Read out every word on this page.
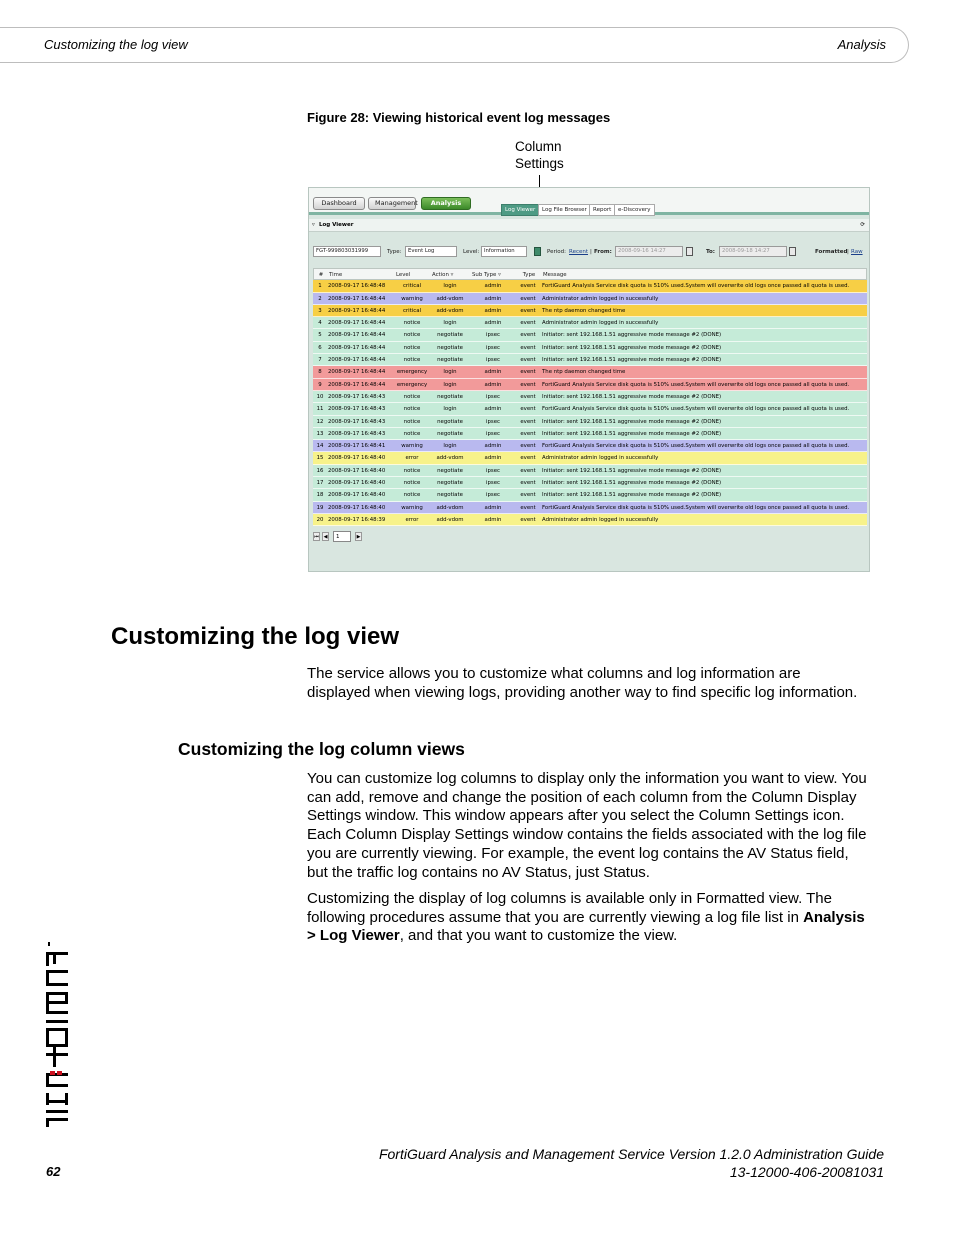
Customizing the log view	Analysis
Figure 28: Viewing historical event log messages
Column
Settings
Dashboard	Management	Analysis
Log Viewer	Log File Browser	Report	e-Discovery
▿ Log Viewer	⟳
FGT-999803031999	Type:	Event Log	Level: Information	Period: Recent | From:	2008-09-16 14:27	To:	2008-09-18 14:27	Formatted | Raw
#	Time	Level	Action ▿	Sub Type ▿	Type	Message
1	2008-09-17 16:48:48	critical	login	admin	event	FortiGuard Analysis Service disk quota is 510% used.System will overwrite old logs once passed all quota is used.
2	2008-09-17 16:48:44	warning	add-vdom	admin	event	Administrator admin logged in successfully
3	2008-09-17 16:48:44	critical	add-vdom	admin	event	The ntp daemon changed time
4	2008-09-17 16:48:44	notice	login	admin	event	Administrator admin logged in successfully
5	2008-09-17 16:48:44	notice	negotiate	ipsec	event	Initiator: sent 192.168.1.51 aggressive mode message #2 (DONE)
6	2008-09-17 16:48:44	notice	negotiate	ipsec	event	Initiator: sent 192.168.1.51 aggressive mode message #2 (DONE)
7	2008-09-17 16:48:44	notice	negotiate	ipsec	event	Initiator: sent 192.168.1.51 aggressive mode message #2 (DONE)
8	2008-09-17 16:48:44	emergency	login	admin	event	The ntp daemon changed time
9	2008-09-17 16:48:44	emergency	login	admin	event	FortiGuard Analysis Service disk quota is 510% used.System will overwrite old logs once passed all quota is used.
10 2008-09-17 16:48:43	notice	negotiate	ipsec	event	Initiator: sent 192.168.1.51 aggressive mode message #2 (DONE)
11 2008-09-17 16:48:43	notice	login	admin	event	FortiGuard Analysis Service disk quota is 510% used.System will overwrite old logs once passed all quota is used.
12 2008-09-17 16:48:43	notice	negotiate	ipsec	event	Initiator: sent 192.168.1.51 aggressive mode message #2 (DONE)
13 2008-09-17 16:48:43	notice	negotiate	ipsec	event	Initiator: sent 192.168.1.51 aggressive mode message #2 (DONE)
14 2008-09-17 16:48:41	warning	login	admin	event	FortiGuard Analysis Service disk quota is 510% used.System will overwrite old logs once passed all quota is used.
15 2008-09-17 16:48:40	error	add-vdom	admin	event	Administrator admin logged in successfully
16 2008-09-17 16:48:40	notice	negotiate	ipsec	event	Initiator: sent 192.168.1.51 aggressive mode message #2 (DONE)
17 2008-09-17 16:48:40	notice	negotiate	ipsec	event	Initiator: sent 192.168.1.51 aggressive mode message #2 (DONE)
18 2008-09-17 16:48:40	notice	negotiate	ipsec	event	Initiator: sent 192.168.1.51 aggressive mode message #2 (DONE)
19 2008-09-17 16:48:40	warning	add-vdom	admin	event	FortiGuard Analysis Service disk quota is 510% used.System will overwrite old logs once passed all quota is used.
20 2008-09-17 16:48:39	error	add-vdom	admin	event	Administrator admin logged in successfully
⏮ ◀	1	▶
Customizing the log view

The service allows you to customize what columns and log information are displayed when viewing logs, providing another way to find specific log information.

Customizing the log column views

You can customize log columns to display only the information you want to view. You can add, remove and change the position of each column from the Column Display Settings window. This window appears after you select the Column Settings icon. Each Column Display Settings window contains the fields associated with the log file you are currently viewing. For example, the event log contains the AV Status field, but the traffic log contains no AV Status, just Status.

Customizing the display of log columns is available only in Formatted view. The following procedures assume that you are currently viewing a log file list in Analysis > Log Viewer, and that you want to customize the view.

FortiGuard Analysis and Management Service Version 1.2.0 Administration Guide
13-12000-406-20081031
62
